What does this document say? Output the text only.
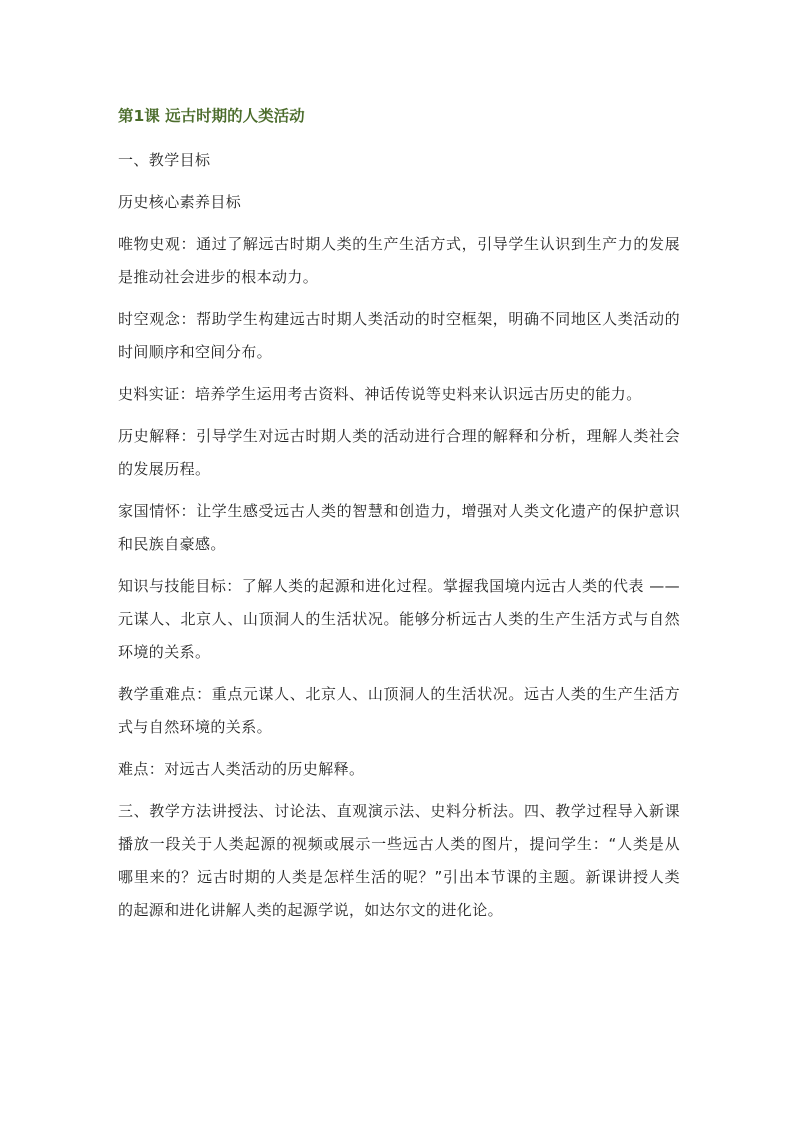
第1课 远古时期的人类活动

一、教学目标

历史核心素养目标

唯物史观：通过了解远古时期人类的生产生活方式，引导学生认识到生产力的发展是推动社会进步的根本动力。

时空观念：帮助学生构建远古时期人类活动的时空框架，明确不同地区人类活动的时间顺序和空间分布。

史料实证：培养学生运用考古资料、神话传说等史料来认识远古历史的能力。

历史解释：引导学生对远古时期人类的活动进行合理的解释和分析，理解人类社会的发展历程。

家国情怀：让学生感受远古人类的智慧和创造力，增强对人类文化遗产的保护意识和民族自豪感。

知识与技能目标：了解人类的起源和进化过程。掌握我国境内远古人类的代表 —— 元谋人、北京人、山顶洞人的生活状况。能够分析远古人类的生产生活方式与自然环境的关系。

教学重难点：重点元谋人、北京人、山顶洞人的生活状况。远古人类的生产生活方式与自然环境的关系。

难点：对远古人类活动的历史解释。

三、教学方法讲授法、讨论法、直观演示法、史料分析法。四、教学过程导入新课播放一段关于人类起源的视频或展示一些远古人类的图片，提问学生：“人类是从哪里来的？远古时期的人类是怎样生活的呢？”引出本节课的主题。新课讲授人类的起源和进化讲解人类的起源学说，如达尔文的进化论。
